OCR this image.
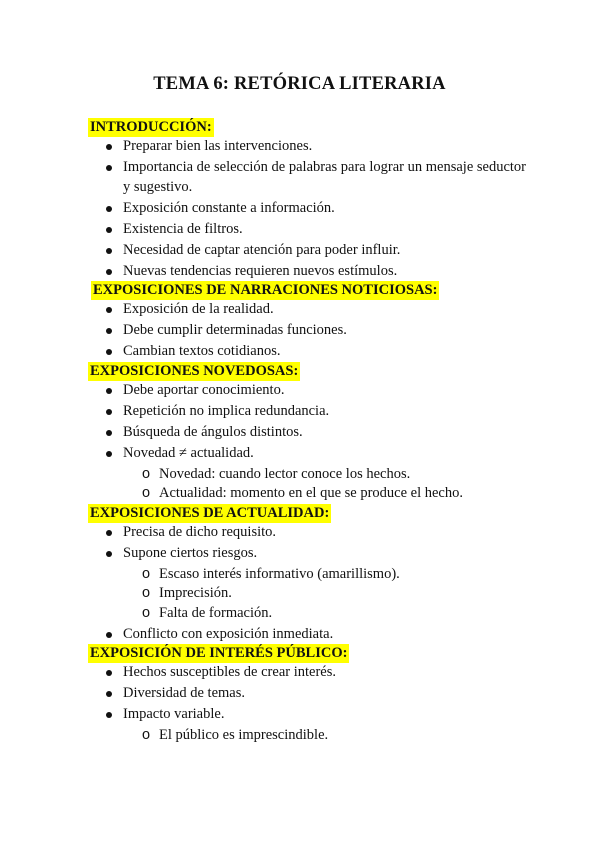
TEMA 6: RETÓRICA LITERARIA
INTRODUCCIÓN:
Preparar bien las intervenciones.
Importancia de selección de palabras para lograr un mensaje seductor y sugestivo.
Exposición constante a información.
Existencia de filtros.
Necesidad de captar atención para poder influir.
Nuevas tendencias requieren nuevos estímulos.
EXPOSICIONES DE NARRACIONES NOTICIOSAS:
Exposición de la realidad.
Debe cumplir determinadas funciones.
Cambian textos cotidianos.
EXPOSICIONES NOVEDOSAS:
Debe aportar conocimiento.
Repetición no implica redundancia.
Búsqueda de ángulos distintos.
Novedad ≠ actualidad.
o Novedad: cuando lector conoce los hechos.
o Actualidad: momento en el que se produce el hecho.
EXPOSICIONES DE ACTUALIDAD:
Precisa de dicho requisito.
Supone ciertos riesgos.
o Escaso interés informativo (amarillismo).
o Imprecisión.
o Falta de formación.
Conflicto con exposición inmediata.
EXPOSICIÓN DE INTERÉS PÚBLICO:
Hechos susceptibles de crear interés.
Diversidad de temas.
Impacto variable.
o El público es imprescindible.
